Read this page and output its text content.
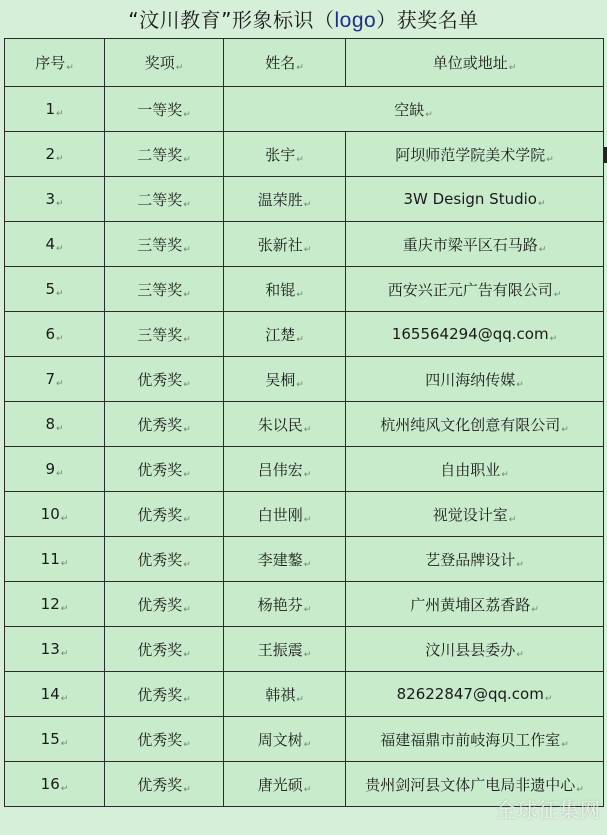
“汶川教育”形象标识（logo）获奖名单
序号↵	奖项↵	姓名↵	单位或地址↵
1↵	一等奖↵	空缺↵	
2↵	二等奖↵	张宇↵	阿坝师范学院美术学院↵
3↵	二等奖↵	温荣胜↵	3W Design Studio↵
4↵	三等奖↵	张新社↵	重庆市梁平区石马路↵
5↵	三等奖↵	和锟↵	西安兴正元广告有限公司↵
6↵	三等奖↵	江楚↵	165564294@qq.com↵
7↵	优秀奖↵	吴桐↵	四川海纳传媒↵
8↵	优秀奖↵	朱以民↵	杭州纯风文化创意有限公司↵
9↵	优秀奖↵	吕伟宏↵	自由职业↵
10↵	优秀奖↵	白世刚↵	视觉设计室↵
11↵	优秀奖↵	李建鏊↵	艺登品牌设计↵
12↵	优秀奖↵	杨艳芬↵	广州黄埔区荔香路↵
13↵	优秀奖↵	王振震↵	汶川县县委办↵
14↵	优秀奖↵	韩祺↵	82622847@qq.com↵
15↵	优秀奖↵	周文树↵	福建福鼎市前岐海贝工作室↵
16↵	优秀奖↵	唐光硕↵	贵州剑河县文体广电局非遗中心↵
全球征集网
